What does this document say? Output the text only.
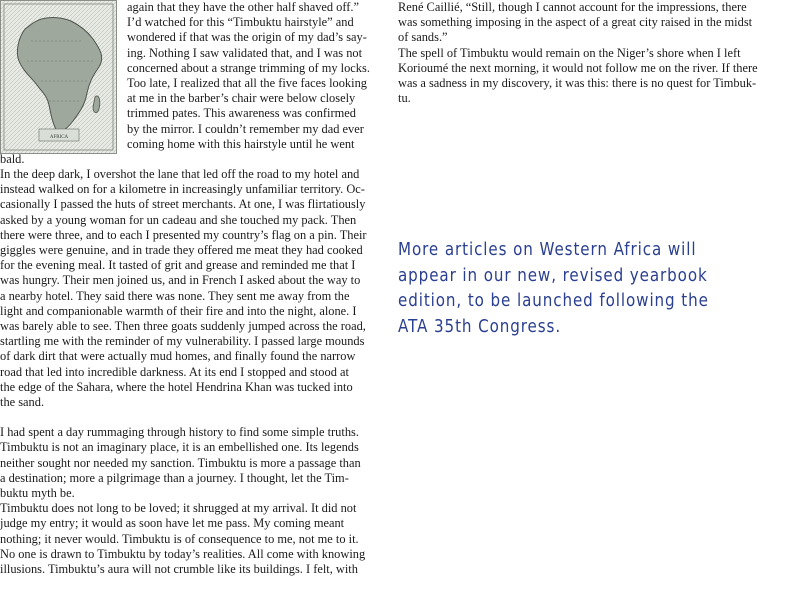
AFRICA
again that they have the other half shaved off.”
I’d watched for this “Timbuktu hairstyle” and
wondered if that was the origin of my dad’s say-
ing. Nothing I saw validated that, and I was not
concerned about a strange trimming of my locks.
Too late, I realized that all the five faces looking
at me in the barber’s chair were below closely
trimmed pates. This awareness was confirmed
by the mirror. I couldn’t remember my dad ever
coming home with this hairstyle until he went
bald.
In the deep dark, I overshot the lane that led off the road to my hotel and
instead walked on for a kilometre in increasingly unfamiliar territory. Oc-
casionally I passed the huts of street merchants. At one, I was flirtatiously
asked by a young woman for un cadeau and she touched my pack. Then
there were three, and to each I presented my country’s flag on a pin. Their
giggles were genuine, and in trade they offered me meat they had cooked
for the evening meal. It tasted of grit and grease and reminded me that I
was hungry. Their men joined us, and in French I asked about the way to
a nearby hotel. They said there was none. They sent me away from the
light and companionable warmth of their fire and into the night, alone. I
was barely able to see. Then three goats suddenly jumped across the road,
startling me with the reminder of my vulnerability. I passed large mounds
of dark dirt that were actually mud homes, and finally found the narrow
road that led into incredible darkness. At its end I stopped and stood at
the edge of the Sahara, where the hotel Hendrina Khan was tucked into
the sand.
I had spent a day rummaging through history to find some simple truths.
Timbuktu is not an imaginary place, it is an embellished one. Its legends
neither sought nor needed my sanction. Timbuktu is more a passage than
a destination; more a pilgrimage than a journey. I thought, let the Tim-
buktu myth be.
Timbuktu does not long to be loved; it shrugged at my arrival. It did not
judge my entry; it would as soon have let me pass. My coming meant
nothing; it never would. Timbuktu is of consequence to me, not me to it.
No one is drawn to Timbuktu by today’s realities. All come with knowing
illusions. Timbuktu’s aura will not crumble like its buildings. I felt, with
René Caillié, “Still, though I cannot account for the impressions, there
was something imposing in the aspect of a great city raised in the midst
of sands.”
The spell of Timbuktu would remain on the Niger’s shore when I left
Korioumé the next morning, it would not follow me on the river. If there
was a sadness in my discovery, it was this: there is no quest for Timbuk-
tu.
More articles on Western Africa will
appear in our new, revised yearbook
edition, to be launched following the
ATA 35th Congress.
